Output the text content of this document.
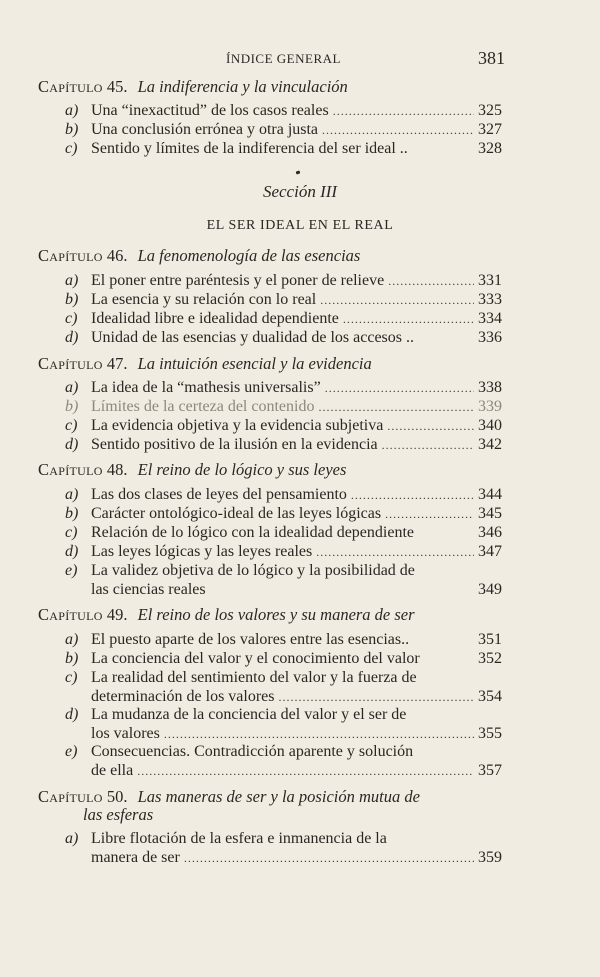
ÍNDICE GENERAL	381
Capítulo 45. La indiferencia y la vinculación
a) Una “inexactitud” de los casos reales .....	325
b) Una conclusión errónea y otra justa .....	327
c) Sentido y límites de la indiferencia del ser ideal ..	328
Sección III
EL SER IDEAL EN EL REAL
Capítulo 46. La fenomenología de las esencias
a) El poner entre paréntesis y el poner de relieve .....	331
b) La esencia y su relación con lo real .....	333
c) Idealidad libre e idealidad dependiente .....	334
d) Unidad de las esencias y dualidad de los accesos ..	336
Capítulo 47. La intuición esencial y la evidencia
a) La idea de la “mathesis universalis” .....	338
b) Límites de la certeza del contenido .....	339
c) La evidencia objetiva y la evidencia subjetiva .....	340
d) Sentido positivo de la ilusión en la evidencia .....	342
Capítulo 48. El reino de lo lógico y sus leyes
a) Las dos clases de leyes del pensamiento .....	344
b) Carácter ontológico-ideal de las leyes lógicas .....	345
c) Relación de lo lógico con la idealidad dependiente	346
d) Las leyes lógicas y las leyes reales .....	347
e) La validez objetiva de lo lógico y la posibilidad de
las ciencias reales	349
Capítulo 49. El reino de los valores y su manera de ser
a) El puesto aparte de los valores entre las esencias..	351
b) La conciencia del valor y el conocimiento del valor	352
c) La realidad del sentimiento del valor y la fuerza de
determinación de los valores .....	354
d) La mudanza de la conciencia del valor y el ser de
los valores .....	355
e) Consecuencias. Contradicción aparente y solución
de ella .....	357
Capítulo 50. Las maneras de ser y la posición mutua de
las esferas
a) Libre flotación de la esfera e inmanencia de la
manera de ser .....	359
